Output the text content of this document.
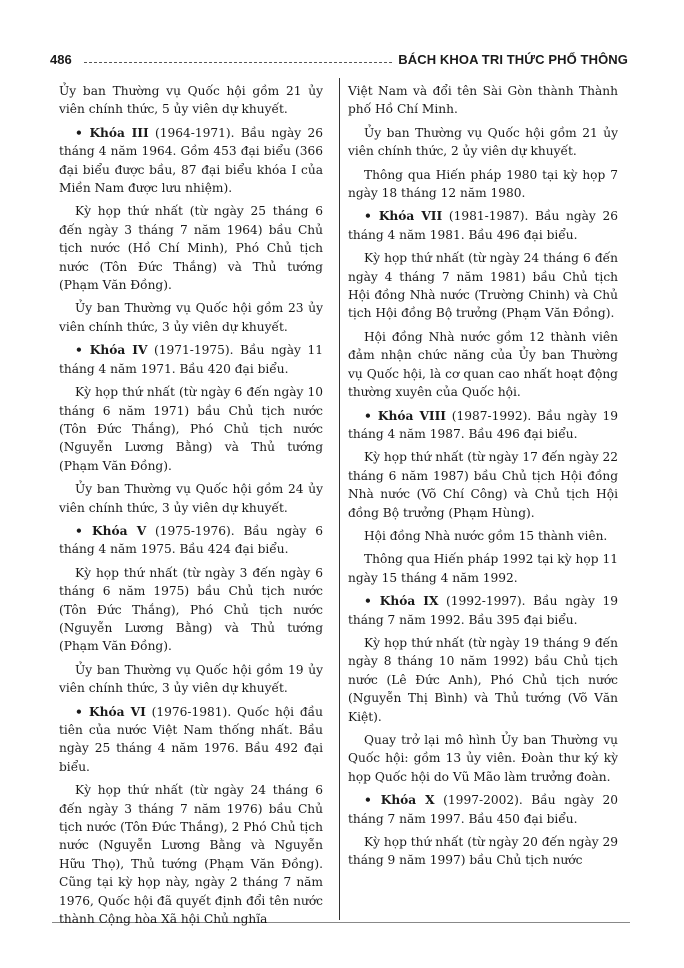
486	BÁCH KHOA TRI THỨC PHỔ THÔNG

Ủy ban Thường vụ Quốc hội gồm 21 ủy viên chính thức, 5 ủy viên dự khuyết.

• Khóa III (1964-1971). Bầu ngày 26 tháng 4 năm 1964. Gồm 453 đại biểu (366 đại biểu được bầu, 87 đại biểu khóa I của Miền Nam được lưu nhiệm).

Kỳ họp thứ nhất (từ ngày 25 tháng 6 đến ngày 3 tháng 7 năm 1964) bầu Chủ tịch nước (Hồ Chí Minh), Phó Chủ tịch nước (Tôn Đức Thắng) và Thủ tướng (Phạm Văn Đồng).

Ủy ban Thường vụ Quốc hội gồm 23 ủy viên chính thức, 3 ủy viên dự khuyết.

• Khóa IV (1971-1975). Bầu ngày 11 tháng 4 năm 1971. Bầu 420 đại biểu.

Kỳ họp thứ nhất (từ ngày 6 đến ngày 10 tháng 6 năm 1971) bầu Chủ tịch nước (Tôn Đức Thắng), Phó Chủ tịch nước (Nguyễn Lương Bằng) và Thủ tướng (Phạm Văn Đồng).

Ủy ban Thường vụ Quốc hội gồm 24 ủy viên chính thức, 3 ủy viên dự khuyết.

• Khóa V (1975-1976). Bầu ngày 6 tháng 4 năm 1975. Bầu 424 đại biểu.

Kỳ họp thứ nhất (từ ngày 3 đến ngày 6 tháng 6 năm 1975) bầu Chủ tịch nước (Tôn Đức Thắng), Phó Chủ tịch nước (Nguyễn Lương Bằng) và Thủ tướng (Phạm Văn Đồng).

Ủy ban Thường vụ Quốc hội gồm 19 ủy viên chính thức, 3 ủy viên dự khuyết.

• Khóa VI (1976-1981). Quốc hội đầu tiên của nước Việt Nam thống nhất. Bầu ngày 25 tháng 4 năm 1976. Bầu 492 đại biểu.

Kỳ họp thứ nhất (từ ngày 24 tháng 6 đến ngày 3 tháng 7 năm 1976) bầu Chủ tịch nước (Tôn Đức Thắng), 2 Phó Chủ tịch nước (Nguyễn Lương Bằng và Nguyễn Hữu Thọ), Thủ tướng (Phạm Văn Đồng). Cũng tại kỳ họp này, ngày 2 tháng 7 năm 1976, Quốc hội đã quyết định đổi tên nước thành Cộng hòa Xã hội Chủ nghĩa

Việt Nam và đổi tên Sài Gòn thành Thành phố Hồ Chí Minh.

Ủy ban Thường vụ Quốc hội gồm 21 ủy viên chính thức, 2 ủy viên dự khuyết.

Thông qua Hiến pháp 1980 tại kỳ họp 7 ngày 18 tháng 12 năm 1980.

• Khóa VII (1981-1987). Bầu ngày 26 tháng 4 năm 1981. Bầu 496 đại biểu.

Kỳ họp thứ nhất (từ ngày 24 tháng 6 đến ngày 4 tháng 7 năm 1981) bầu Chủ tịch Hội đồng Nhà nước (Trường Chinh) và Chủ tịch Hội đồng Bộ trưởng (Phạm Văn Đồng).

Hội đồng Nhà nước gồm 12 thành viên đảm nhận chức năng của Ủy ban Thường vụ Quốc hội, là cơ quan cao nhất hoạt động thường xuyên của Quốc hội.

• Khóa VIII (1987-1992). Bầu ngày 19 tháng 4 năm 1987. Bầu 496 đại biểu.

Kỳ họp thứ nhất (từ ngày 17 đến ngày 22 tháng 6 năm 1987) bầu Chủ tịch Hội đồng Nhà nước (Võ Chí Công) và Chủ tịch Hội đồng Bộ trưởng (Phạm Hùng).

Hội đồng Nhà nước gồm 15 thành viên.

Thông qua Hiến pháp 1992 tại kỳ họp 11 ngày 15 tháng 4 năm 1992.

• Khóa IX (1992-1997). Bầu ngày 19 tháng 7 năm 1992. Bầu 395 đại biểu.

Kỳ họp thứ nhất (từ ngày 19 tháng 9 đến ngày 8 tháng 10 năm 1992) bầu Chủ tịch nước (Lê Đức Anh), Phó Chủ tịch nước (Nguyễn Thị Bình) và Thủ tướng (Võ Văn Kiệt).

Quay trở lại mô hình Ủy ban Thường vụ Quốc hội: gồm 13 ủy viên. Đoàn thư ký kỳ họp Quốc hội do Vũ Mão làm trưởng đoàn.

• Khóa X (1997-2002). Bầu ngày 20 tháng 7 năm 1997. Bầu 450 đại biểu.

Kỳ họp thứ nhất (từ ngày 20 đến ngày 29 tháng 9 năm 1997) bầu Chủ tịch nước
